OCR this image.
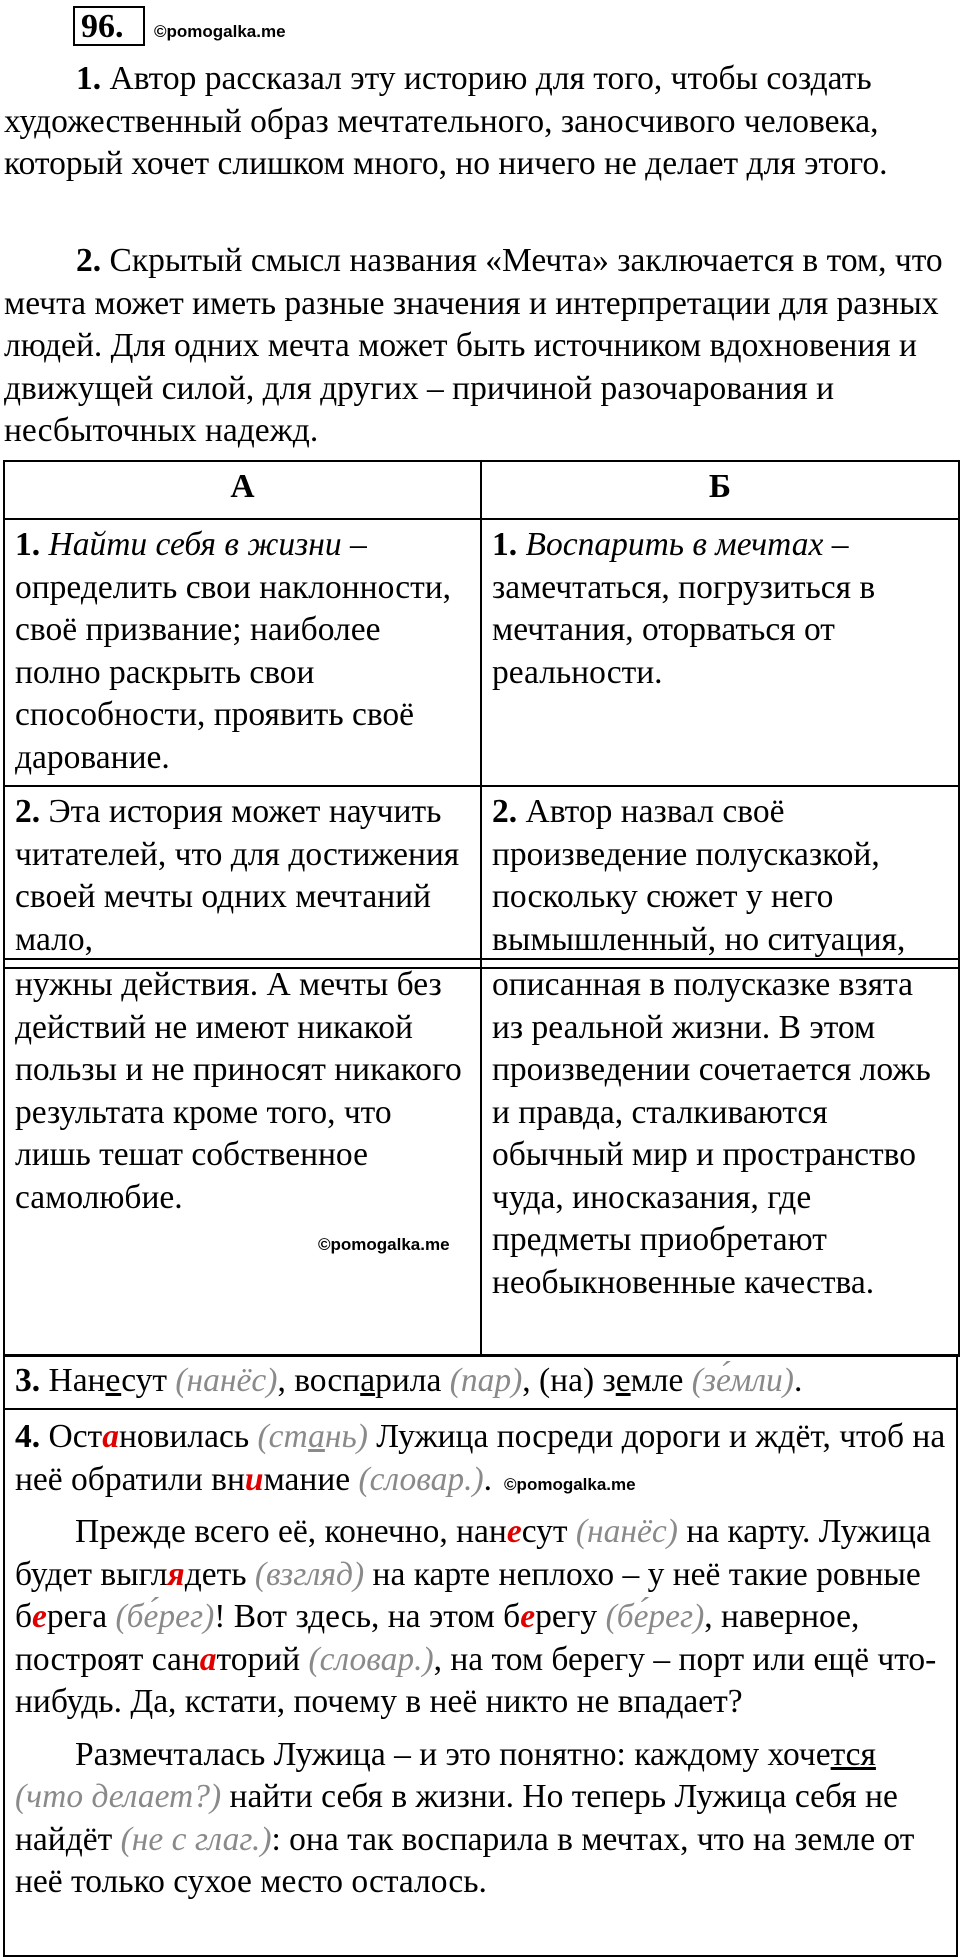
96.	©pomogalka.me

1. Автор рассказал эту историю для того, чтобы создать художественный образ мечтательного, заносчивого человека, который хочет слишком много, но ничего не делает для этого.

2. Скрытый смысл названия «Мечта» заключается в том, что мечта может иметь разные значения и интерпретации для разных людей. Для одних мечта может быть источником вдохновения и движущей силой, для других – причиной разочарования и несбыточных надежд.

А	Б
1. Найти себя в жизни – определить свои наклонности, своё призвание; наиболее полно раскрыть свои способности, проявить своё дарование.	1. Воспарить в мечтах – замечтаться, погрузиться в мечтания, оторваться от реальности.
2. Эта история может научить читателей, что для достижения своей мечты одних мечтаний мало,	2. Автор назвал своё произведение полусказкой, поскольку сюжет у него вымышленный, но ситуация,
нужны действия. А мечты без действий не имеют никакой пользы и не приносят никакого результата кроме того, что лишь тешат собственное самолюбие.	описанная в полусказке взята из реальной жизни. В этом произведении сочетается ложь и правда, сталкиваются обычный мир и пространство чуда, иносказания, где предметы приобретают необыкновенные качества.
©pomogalka.me
3. Нанесут (нанёс), воспарила (пар), (на) земле (зе́мли).

4. Остановилась (стань) Лужица посреди дороги и ждёт, чтоб на неё обратили внимание (словар.). ©pomogalka.me

Прежде всего её, конечно, нанесут (нанёс) на карту. Лужица будет выглядеть (взгляд) на карте неплохо – у неё такие ровные берега (бе́рег)! Вот здесь, на этом берегу (бе́рег), наверное, построят санаторий (словар.), на том берегу – порт или ещё что-нибудь. Да, кстати, почему в неё никто не впадает?

Размечталась Лужица – и это понятно: каждому хочется (что делает?) найти себя в жизни. Но теперь Лужица себя не найдёт (не с глаг.): она так воспарила в мечтах, что на земле от неё только сухое место осталось.
